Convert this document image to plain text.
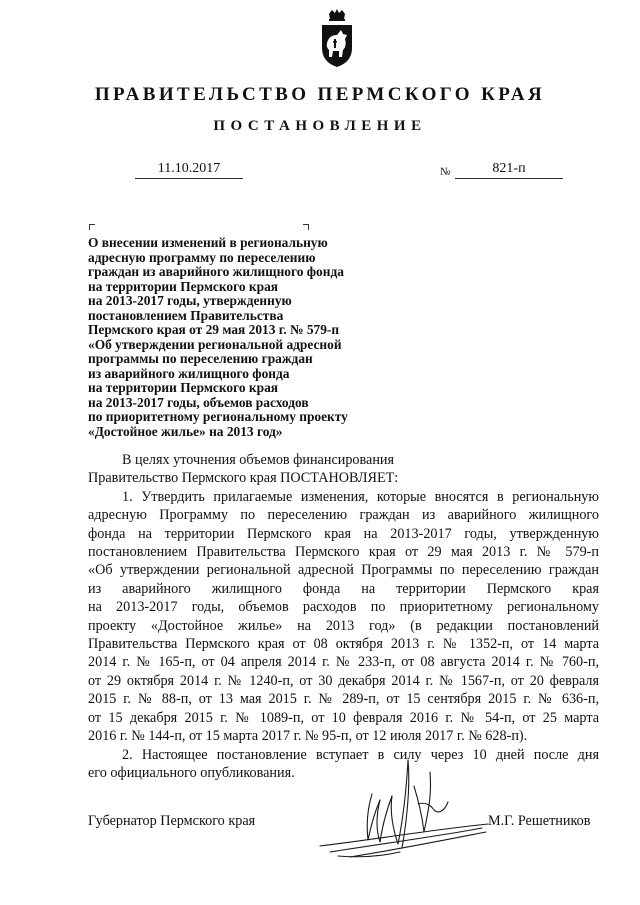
ПРАВИТЕЛЬСТВО ПЕРМСКОГО КРАЯ
ПОСТАНОВЛЕНИЕ
11.10.2017	№	821-п
О внесении изменений в региональную
адресную программу по переселению
граждан из аварийного жилищного фонда
на территории Пермского края
на 2013-2017 годы, утвержденную
постановлением Правительства
Пермского края от 29 мая 2013 г. № 579-п
«Об утверждении региональной адресной
программы по переселению граждан
из аварийного жилищного фонда
на территории Пермского края
на 2013-2017 годы, объемов расходов
по приоритетному региональному проекту
«Достойное жилье» на 2013 год»
В целях уточнения объемов финансирования
Правительство Пермского края ПОСТАНОВЛЯЕТ:
1. Утвердить прилагаемые изменения, которые вносятся в региональную
адресную Программу по переселению граждан из аварийного жилищного
фонда на территории Пермского края на 2013-2017 годы, утвержденную
постановлением Правительства Пермского края от 29 мая 2013 г. № 579-п
«Об утверждении региональной адресной Программы по переселению граждан
из аварийного жилищного фонда на территории Пермского края
на 2013-2017 годы, объемов расходов по приоритетному региональному
проекту «Достойное жилье» на 2013 год» (в редакции постановлений
Правительства Пермского края от 08 октября 2013 г. № 1352-п, от 14 марта
2014 г. № 165-п, от 04 апреля 2014 г. № 233-п, от 08 августа 2014 г. № 760-п,
от 29 октября 2014 г. № 1240-п, от 30 декабря 2014 г. № 1567-п, от 20 февраля
2015 г. № 88-п, от 13 мая 2015 г. № 289-п, от 15 сентября 2015 г. № 636-п,
от 15 декабря 2015 г. № 1089-п, от 10 февраля 2016 г. № 54-п, от 25 марта
2016 г. № 144-п, от 15 марта 2017 г. № 95-п, от 12 июля 2017 г. № 628-п).
2. Настоящее постановление вступает в силу через 10 дней после дня
его официального опубликования.
Губернатор Пермского края	М.Г. Решетников
